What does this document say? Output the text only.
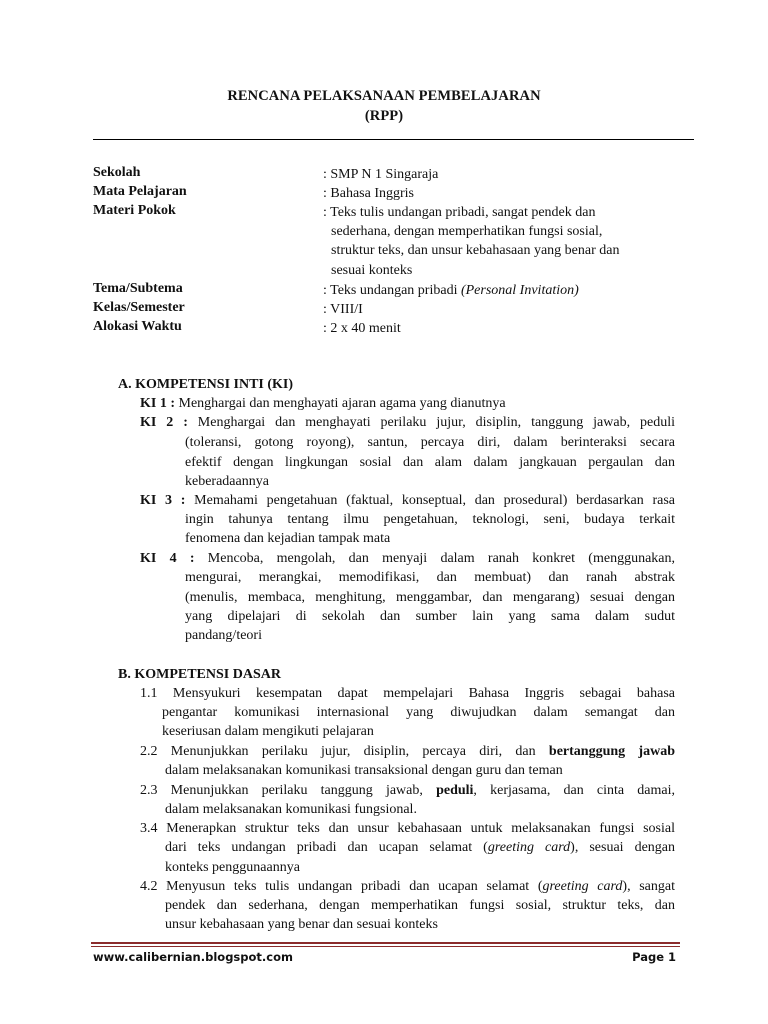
RENCANA PELAKSANAAN PEMBELAJARAN
(RPP)
Sekolah	: SMP N 1 Singaraja
Mata Pelajaran	: Bahasa Inggris
Materi Pokok	: Teks tulis undangan pribadi, sangat pendek dan
sederhana, dengan memperhatikan fungsi sosial,
struktur teks, dan unsur kebahasaan yang benar dan
sesuai konteks
Tema/Subtema	: Teks undangan pribadi (Personal Invitation)
Kelas/Semester	: VIII/I
Alokasi Waktu	: 2 x 40 menit
A. KOMPETENSI INTI (KI)
KI 1 : Menghargai dan menghayati ajaran agama yang dianutnya
KI 2 : Menghargai dan menghayati perilaku jujur, disiplin, tanggung jawab, peduli
(toleransi, gotong royong), santun, percaya diri, dalam berinteraksi secara
efektif dengan lingkungan sosial dan alam dalam jangkauan pergaulan dan
keberadaannya
KI 3 : Memahami pengetahuan (faktual, konseptual, dan prosedural) berdasarkan rasa
ingin tahunya tentang ilmu pengetahuan, teknologi, seni, budaya terkait
fenomena dan kejadian tampak mata
KI 4 : Mencoba, mengolah, dan menyaji dalam ranah konkret (menggunakan,
mengurai, merangkai, memodifikasi, dan membuat) dan ranah abstrak
(menulis, membaca, menghitung, menggambar, dan mengarang) sesuai dengan
yang dipelajari di sekolah dan sumber lain yang sama dalam sudut
pandang/teori
B. KOMPETENSI DASAR
1.1 Mensyukuri kesempatan dapat mempelajari Bahasa Inggris sebagai bahasa
pengantar komunikasi internasional yang diwujudkan dalam semangat dan
keseriusan dalam mengikuti pelajaran
2.2 Menunjukkan perilaku jujur, disiplin, percaya diri, dan bertanggung jawab
dalam melaksanakan komunikasi transaksional dengan guru dan teman
2.3 Menunjukkan perilaku tanggung jawab, peduli, kerjasama, dan cinta damai,
dalam melaksanakan komunikasi fungsional.
3.4 Menerapkan struktur teks dan unsur kebahasaan untuk melaksanakan fungsi sosial
dari teks undangan pribadi dan ucapan selamat (greeting card), sesuai dengan
konteks penggunaannya
4.2 Menyusun teks tulis undangan pribadi dan ucapan selamat (greeting card), sangat
pendek dan sederhana, dengan memperhatikan fungsi sosial, struktur teks, dan
unsur kebahasaan yang benar dan sesuai konteks
www.calibernian.blogspot.com	Page 1
